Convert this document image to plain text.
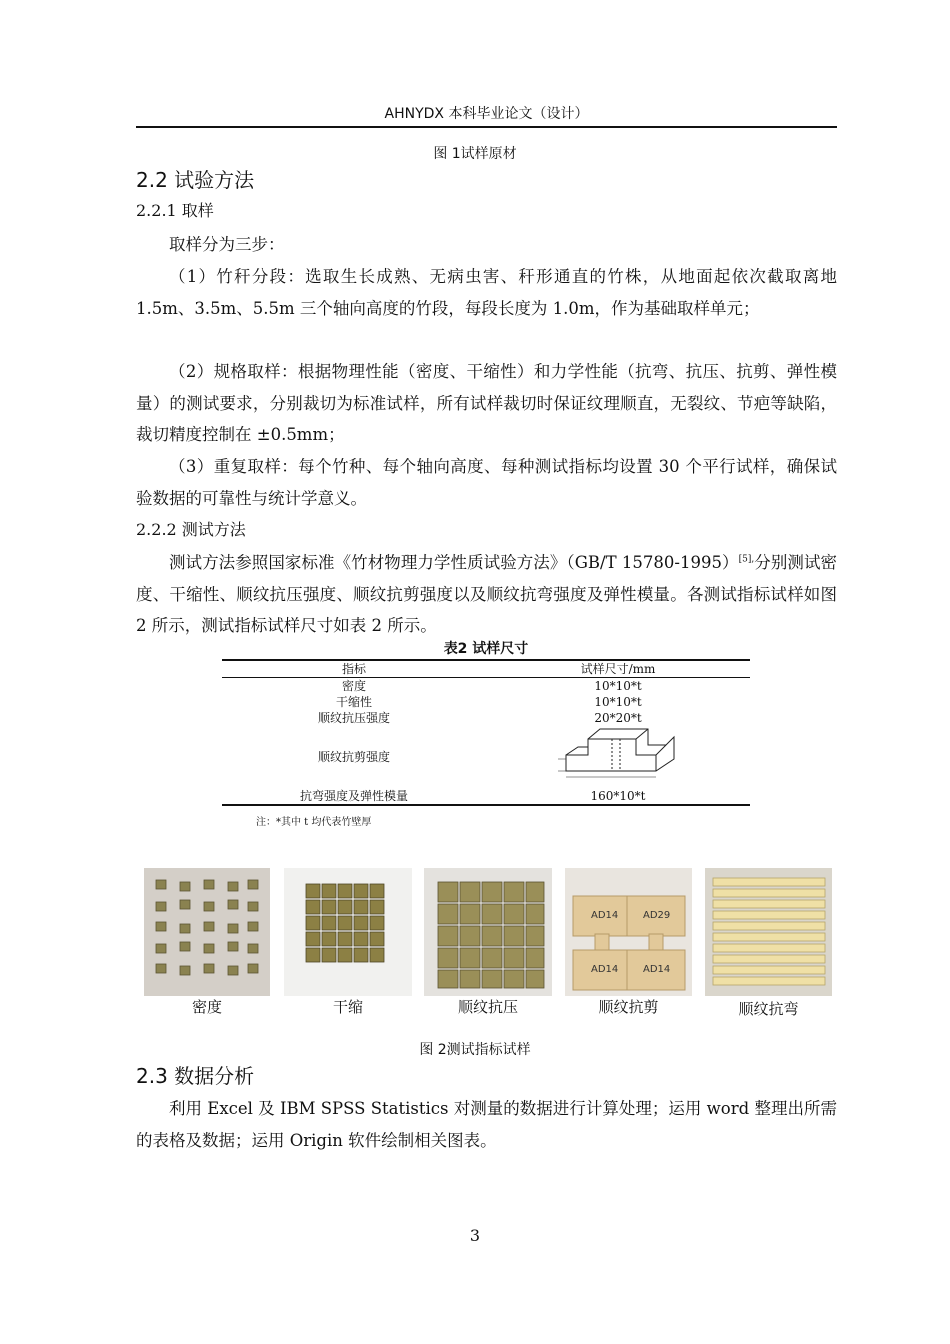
AHNYDX 本科毕业论文（设计）
图 1试样原材
2.2 试验方法
2.2.1 取样

取样分为三步：

（1）竹秆分段：选取生长成熟、无病虫害、秆形通直的竹株，从地面起依次截取离地 1.5m、3.5m、5.5m 三个轴向高度的竹段，每段长度为 1.0m，作为基础取样单元；

（2）规格取样：根据物理性能（密度、干缩性）和力学性能（抗弯、抗压、抗剪、弹性模量）的测试要求，分别裁切为标准试样，所有试样裁切时保证纹理顺直，无裂纹、节疤等缺陷，裁切精度控制在 ±0.5mm；

（3）重复取样：每个竹种、每个轴向高度、每种测试指标均设置 30 个平行试样，确保试验数据的可靠性与统计学意义。

2.2.2 测试方法

测试方法参照国家标准《竹材物理力学性质试验方法》（GB/T 15780-1995）$^{[5],}$分别测试密度、干缩性、顺纹抗压强度、顺纹抗剪强度以及顺纹抗弯强度及弹性模量。各测试指标试样如图 2 所示，测试指标试样尺寸如表 2 所示。

表2 试样尺寸
指标	试样尺寸/mm
密度	10*10*t
干缩性	10*10*t
顺纹抗压强度	20*20*t
顺纹抗剪强度	
抗弯强度及弹性模量	160*10*t
注：*其中 t 均代表竹壁厚
AD14 AD29
AD14 AD14
密度	干缩	顺纹抗压	顺纹抗剪	顺纹抗弯
图 2测试指标试样
2.3 数据分析

利用 Excel 及 IBM SPSS Statistics 对测量的数据进行计算处理；运用 word 整理出所需的表格及数据；运用 Origin 软件绘制相关图表。

3
